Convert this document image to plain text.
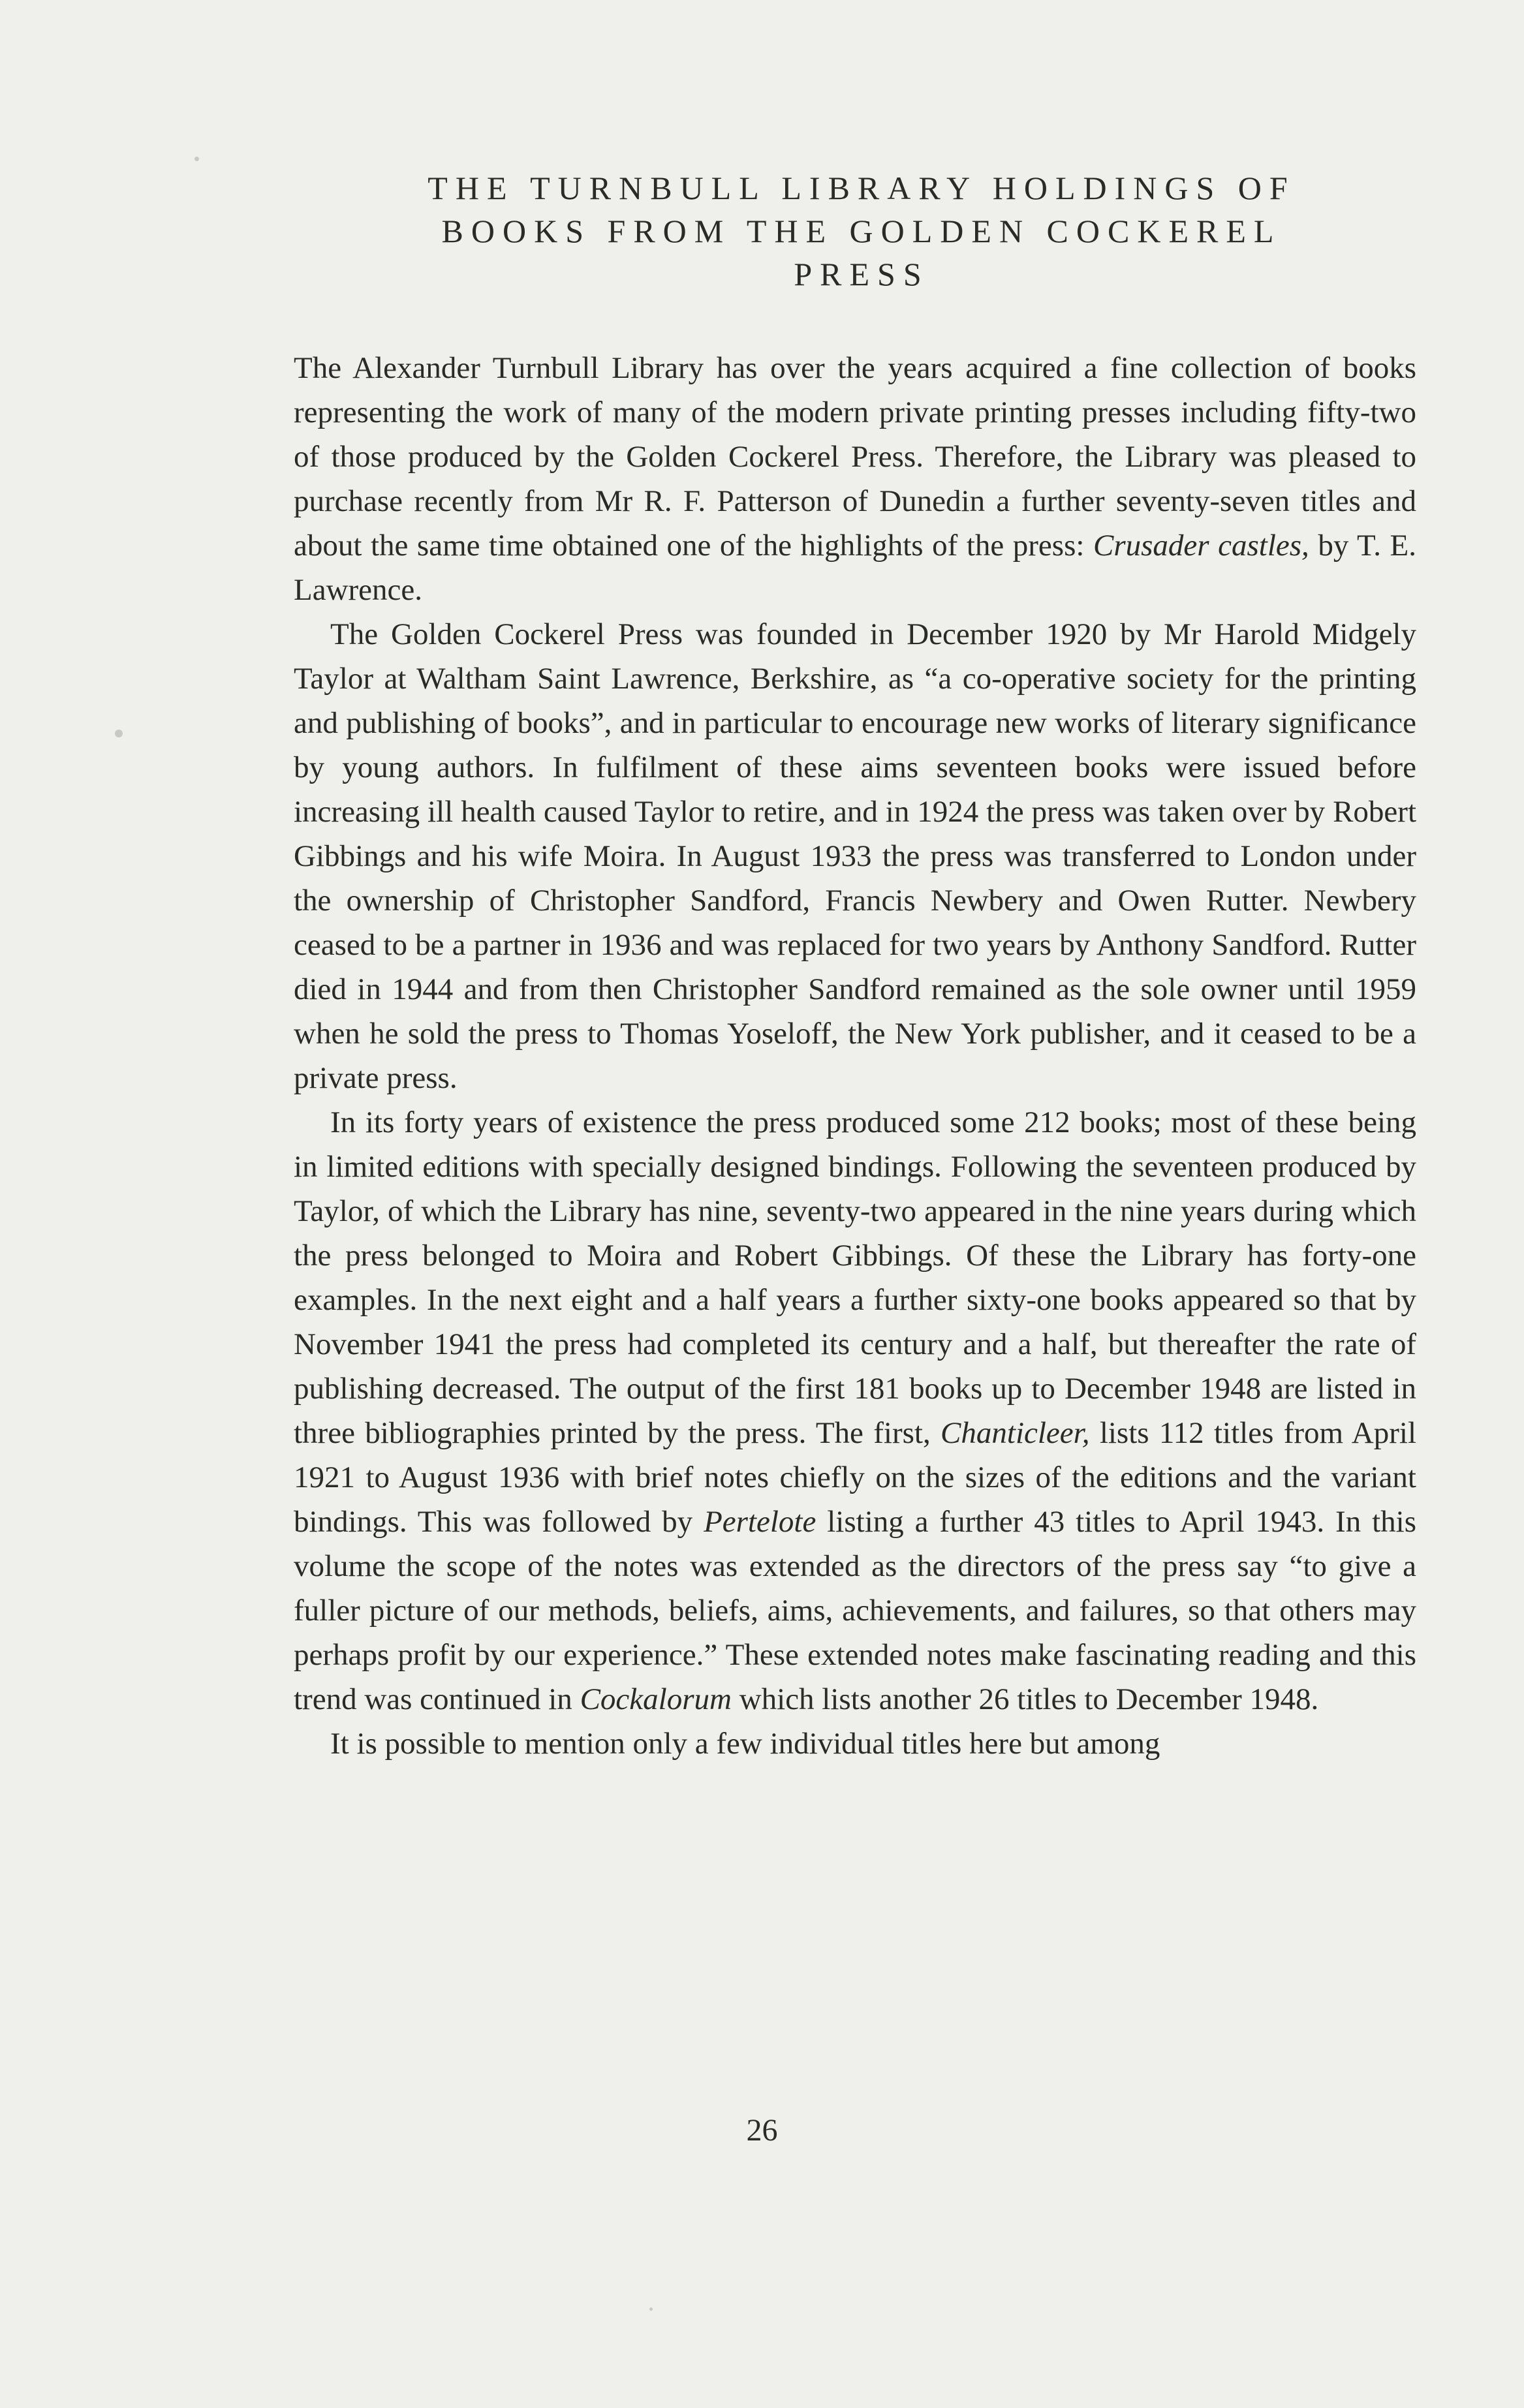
THE TURNBULL LIBRARY HOLDINGS OF
BOOKS FROM THE GOLDEN COCKEREL
PRESS

The Alexander Turnbull Library has over the years acquired a fine collection of books representing the work of many of the modern private printing presses including fifty-two of those produced by the Golden Cockerel Press. Therefore, the Library was pleased to purchase recently from Mr R. F. Patterson of Dunedin a further seventy-seven titles and about the same time obtained one of the highlights of the press: Crusader castles, by T. E. Lawrence.

The Golden Cockerel Press was founded in December 1920 by Mr Harold Midgely Taylor at Waltham Saint Lawrence, Berkshire, as “a co-operative society for the printing and publishing of books”, and in particular to encourage new works of literary significance by young authors. In fulfilment of these aims seventeen books were issued before increasing ill health caused Taylor to retire, and in 1924 the press was taken over by Robert Gibbings and his wife Moira. In August 1933 the press was transferred to London under the ownership of Christopher Sandford, Francis Newbery and Owen Rutter. Newbery ceased to be a partner in 1936 and was replaced for two years by Anthony Sandford. Rutter died in 1944 and from then Christopher Sandford remained as the sole owner until 1959 when he sold the press to Thomas Yoseloff, the New York publisher, and it ceased to be a private press.

In its forty years of existence the press produced some 212 books; most of these being in limited editions with specially designed bindings. Following the seventeen produced by Taylor, of which the Library has nine, seventy-two appeared in the nine years during which the press belonged to Moira and Robert Gibbings. Of these the Library has forty-one examples. In the next eight and a half years a further sixty-one books appeared so that by November 1941 the press had completed its century and a half, but thereafter the rate of publishing decreased. The output of the first 181 books up to December 1948 are listed in three bibliographies printed by the press. The first, Chanticleer, lists 112 titles from April 1921 to August 1936 with brief notes chiefly on the sizes of the editions and the variant bindings. This was followed by Pertelote listing a further 43 titles to April 1943. In this volume the scope of the notes was extended as the directors of the press say “to give a fuller picture of our methods, beliefs, aims, achievements, and failures, so that others may perhaps profit by our experience.” These extended notes make fascinating reading and this trend was continued in Cockalorum which lists another 26 titles to December 1948.

It is possible to mention only a few individual titles here but among

26
